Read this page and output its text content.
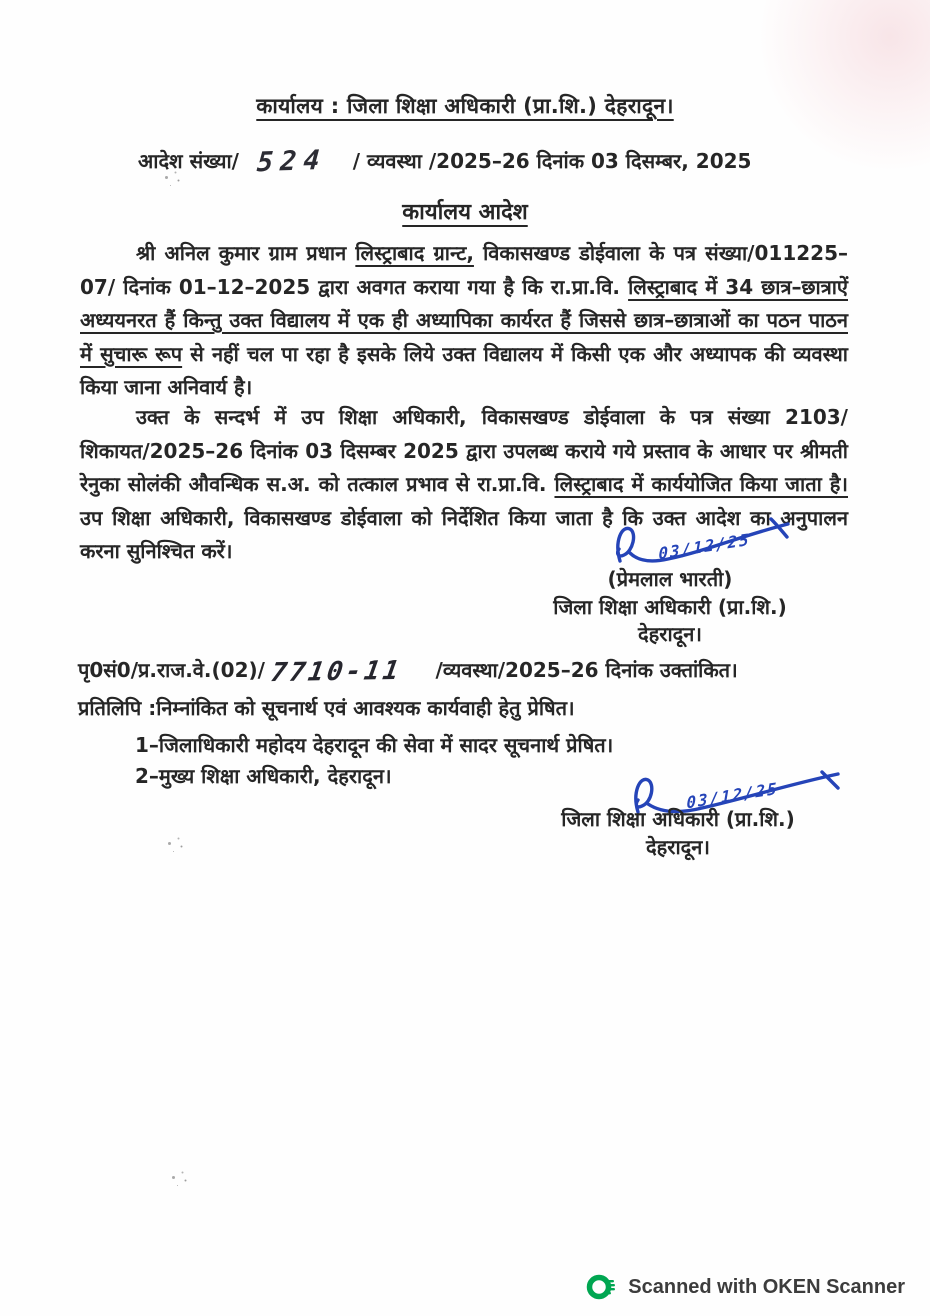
कार्यालय : जिला शिक्षा अधिकारी (प्रा.शि.) देहरादून।
आदेश संख्या/ 524 / व्यवस्था /2025–26 दिनांक 03 दिसम्बर, 2025
कार्यालय आदेश
श्री अनिल कुमार ग्राम प्रधान लिस्ट्राबाद ग्रान्ट, विकासखण्ड डोईवाला के पत्र संख्या/011225–07/ दिनांक 01–12–2025 द्वारा अवगत कराया गया है कि रा.प्रा.वि. लिस्ट्राबाद में 34 छात्र–छात्राऐं अध्ययनरत हैं किन्तु उक्त विद्यालय में एक ही अध्यापिका कार्यरत हैं जिससे छात्र–छात्राओं का पठन पाठन में सुचारू रूप से नहीं चल पा रहा है इसके लिये उक्त विद्यालय में किसी एक और अध्यापक की व्यवस्था किया जाना अनिवार्य है।
उक्त के सन्दर्भ में उप शिक्षा अधिकारी, विकासखण्ड डोईवाला के पत्र संख्या 2103/शिकायत/2025–26 दिनांक 03 दिसम्बर 2025 द्वारा उपलब्ध कराये गये प्रस्ताव के आधार पर श्रीमती रेनुका सोलंकी औवन्धिक स.अ. को तत्काल प्रभाव से रा.प्रा.वि. लिस्ट्राबाद में कार्ययोजित किया जाता है। उप शिक्षा अधिकारी, विकासखण्ड डोईवाला को निर्देशित किया जाता है कि उक्त आदेश का अनुपालन करना सुनिश्चित करें।	03/12/25
(प्रेमलाल भारती)
जिला शिक्षा अधिकारी (प्रा.शि.)
देहरादून।
पृ0सं0/प्र.राज.वे.(02)/ 7710-11 /व्यवस्था/2025–26 दिनांक उक्तांकित।
प्रतिलिपि :निम्नांकित को सूचनार्थ एवं आवश्यक कार्यवाही हेतु प्रेषित।
1–जिलाधिकारी महोदय देहरादून की सेवा में सादर सूचनार्थ प्रेषित।
2–मुख्य शिक्षा अधिकारी, देहरादून।
03/12/25
जिला शिक्षा अधिकारी (प्रा.शि.)
देहरादून।
Scanned with OKEN Scanner
